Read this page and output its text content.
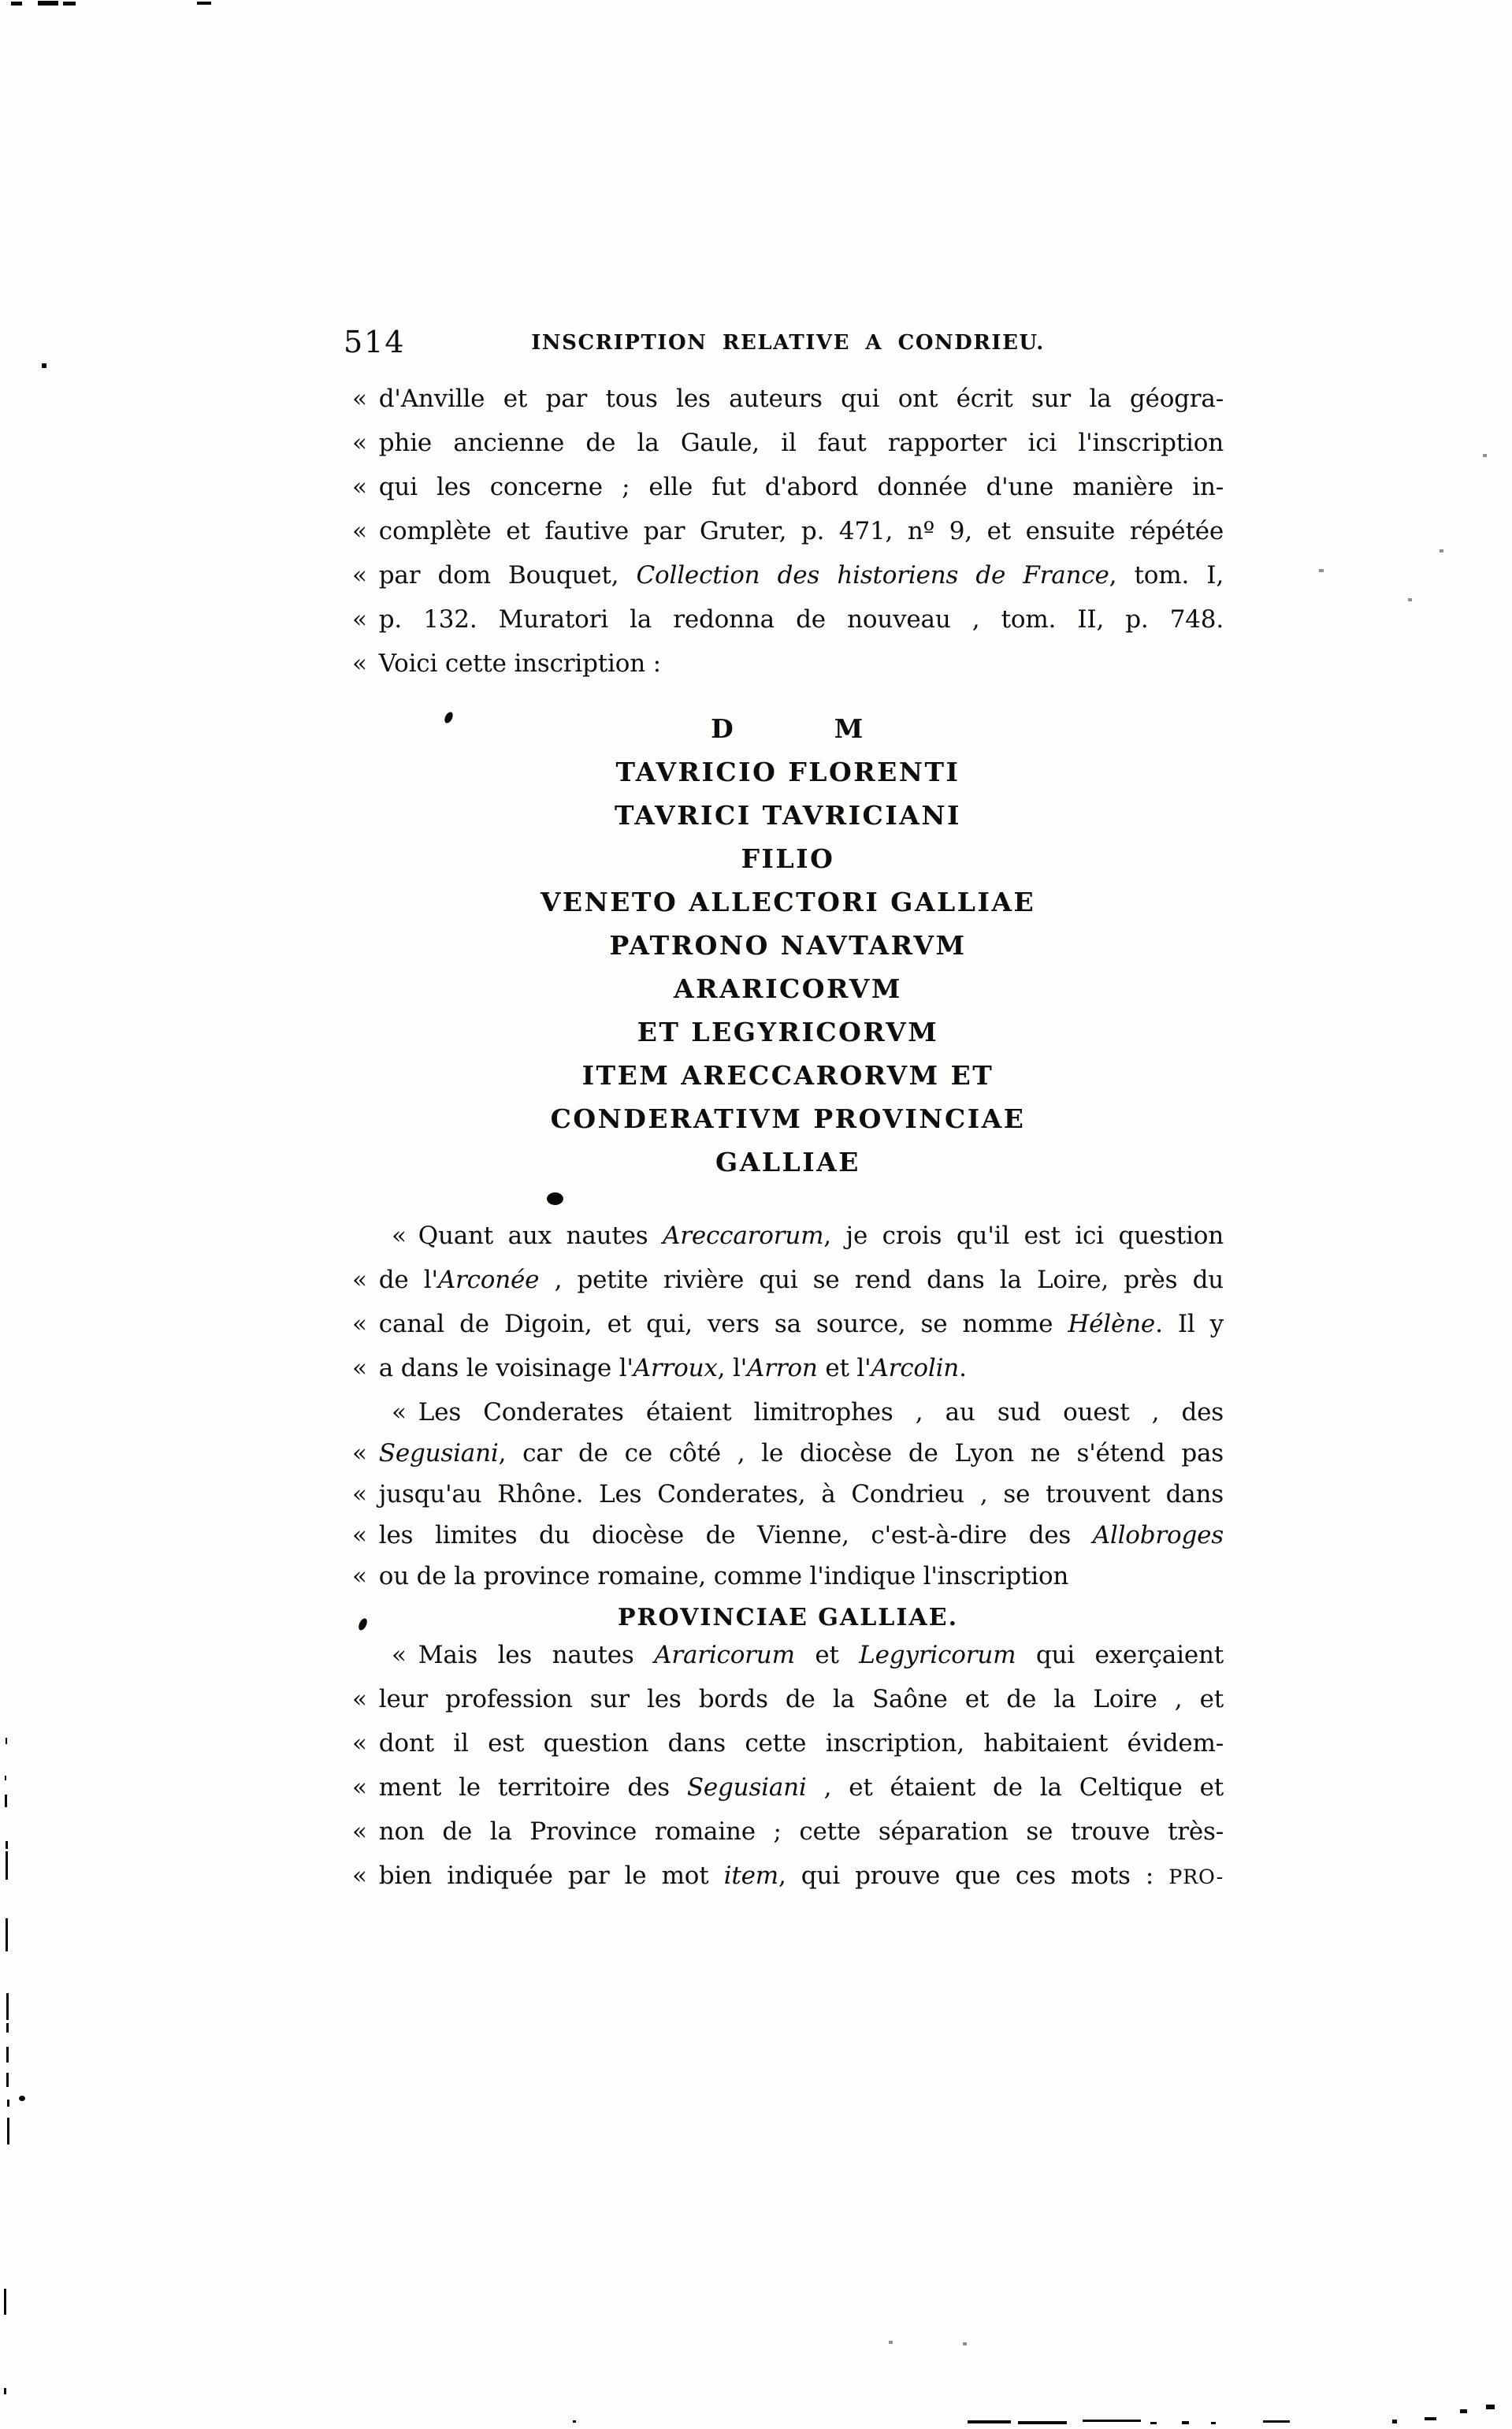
514	INSCRIPTION RELATIVE A CONDRIEU.
« d'Anville et par tous les auteurs qui ont écrit sur la géogra-
« phie ancienne de la Gaule, il faut rapporter ici l'inscription
« qui les concerne ; elle fut d'abord donnée d'une manière in-
« complète et fautive par Gruter, p. 471, nº 9, et ensuite répétée
« par dom Bouquet, Collection des historiens de France, tom. I,
« p. 132. Muratori la redonna de nouveau , tom. II, p. 748.
« Voici cette inscription :
D    M
TAVRICIO FLORENTI
TAVRICI TAVRICIANI
FILIO
VENETO ALLECTORI GALLIAE
PATRONO NAVTARVM
ARARICORVM
ET LEGYRICORVM
ITEM ARECCARORVM ET
CONDERATIVM PROVINCIAE
GALLIAE
« Quant aux nautes Areccarorum, je crois qu'il est ici question
« de l'Arconée , petite rivière qui se rend dans la Loire, près du
« canal de Digoin, et qui, vers sa source, se nomme Hélène. Il y
« a dans le voisinage l'Arroux, l'Arron et l'Arcolin.
« Les Conderates étaient limitrophes , au sud ouest , des
« Segusiani, car de ce côté , le diocèse de Lyon ne s'étend pas
« jusqu'au Rhône. Les Conderates, à Condrieu , se trouvent dans
« les limites du diocèse de Vienne, c'est-à-dire des Allobroges
« ou de la province romaine, comme l'indique l'inscription
PROVINCIAE GALLIAE.
« Mais les nautes Araricorum et Legyricorum qui exerçaient
« leur profession sur les bords de la Saône et de la Loire , et
« dont il est question dans cette inscription, habitaient évidem-
« ment le territoire des Segusiani , et étaient de la Celtique et
« non de la Province romaine ; cette séparation se trouve très-
« bien indiquée par le mot item, qui prouve que ces mots : PRO-
